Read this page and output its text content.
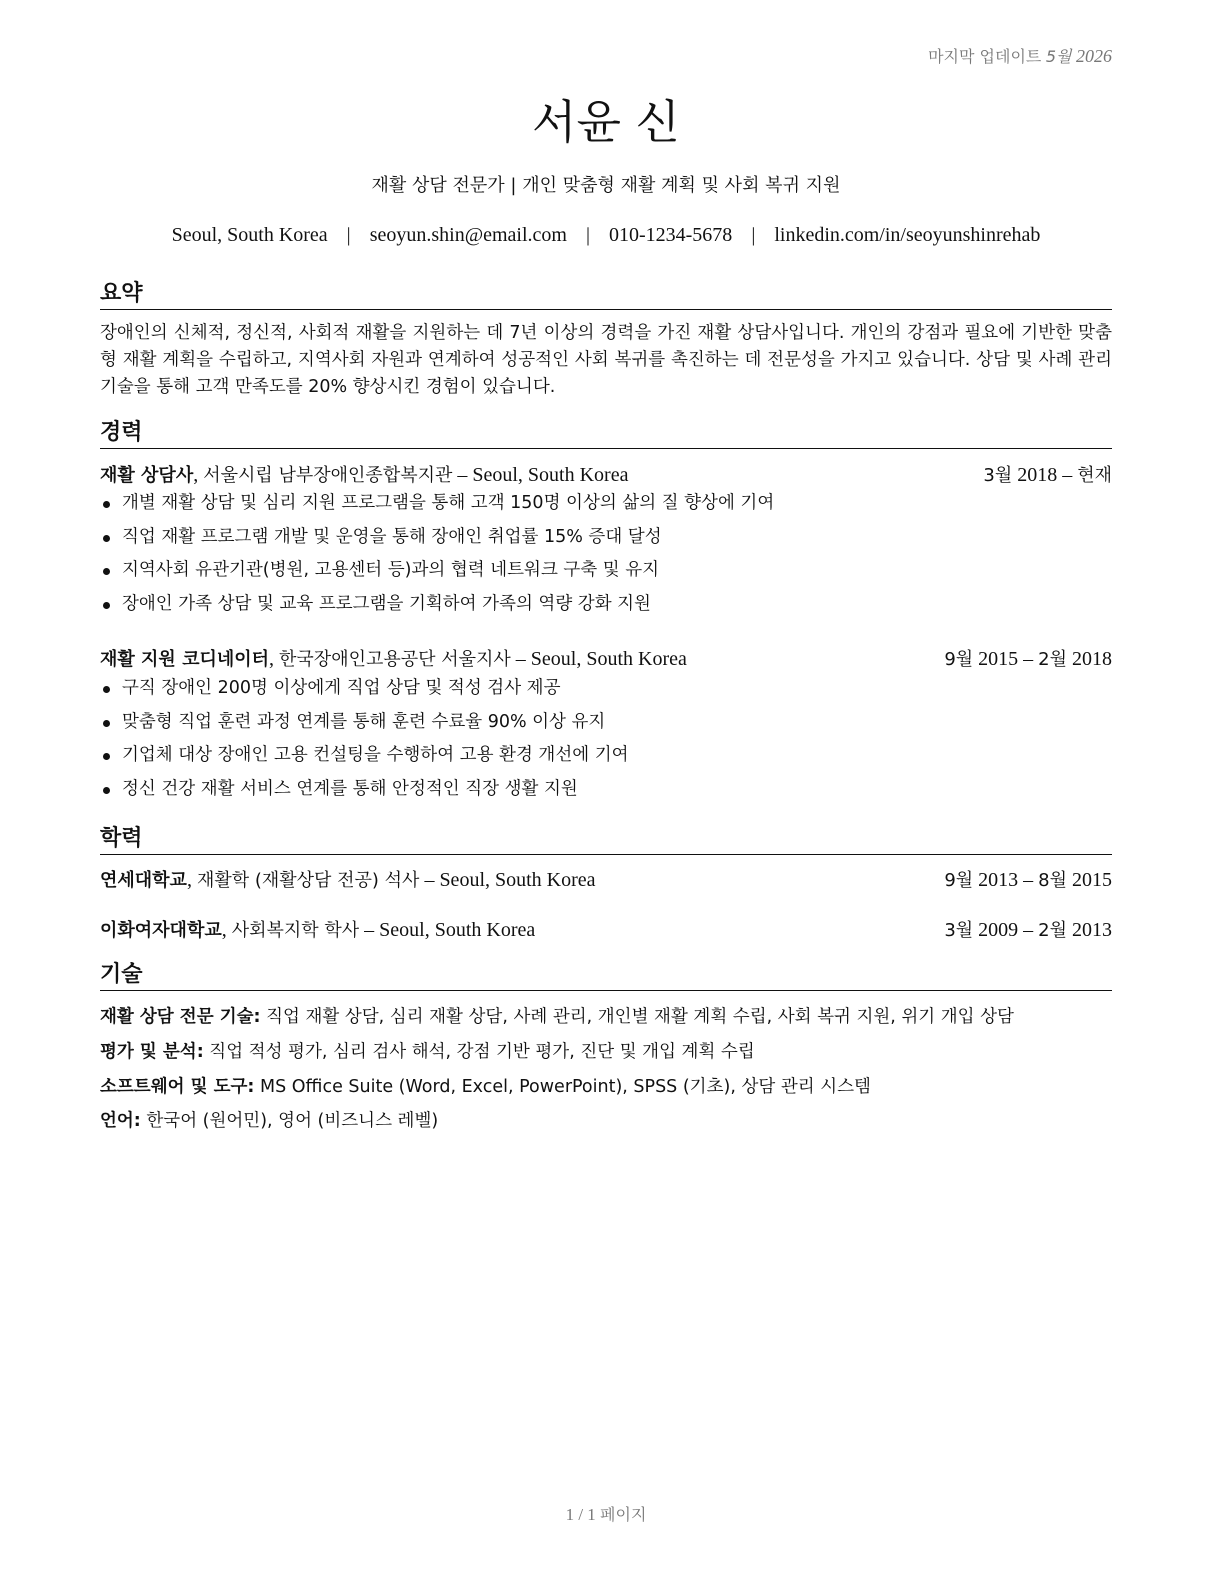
마지막 업데이트 5월 2026
서윤 신
재활 상담 전문가 | 개인 맞춤형 재활 계획 및 사회 복귀 지원
Seoul, South Korea | seoyun.shin@email.com | 010-1234-5678 | linkedin.com/in/seoyunshinrehab
요약
장애인의 신체적, 정신적, 사회적 재활을 지원하는 데 7년 이상의 경력을 가진 재활 상담사입니다. 개인의 강점과 필요에 기반한 맞춤형 재활 계획을 수립하고, 지역사회 자원과 연계하여 성공적인 사회 복귀를 촉진하는 데 전문성을 가지고 있습니다. 상담 및 사례 관리 기술을 통해 고객 만족도를 20% 향상시킨 경험이 있습니다.
경력
재활 상담사, 서울시립 남부장애인종합복지관 – Seoul, South Korea	3월 2018 – 현재
개별 재활 상담 및 심리 지원 프로그램을 통해 고객 150명 이상의 삶의 질 향상에 기여
직업 재활 프로그램 개발 및 운영을 통해 장애인 취업률 15% 증대 달성
지역사회 유관기관(병원, 고용센터 등)과의 협력 네트워크 구축 및 유지
장애인 가족 상담 및 교육 프로그램을 기획하여 가족의 역량 강화 지원
재활 지원 코디네이터, 한국장애인고용공단 서울지사 – Seoul, South Korea	9월 2015 – 2월 2018
구직 장애인 200명 이상에게 직업 상담 및 적성 검사 제공
맞춤형 직업 훈련 과정 연계를 통해 훈련 수료율 90% 이상 유지
기업체 대상 장애인 고용 컨설팅을 수행하여 고용 환경 개선에 기여
정신 건강 재활 서비스 연계를 통해 안정적인 직장 생활 지원
학력
연세대학교, 재활학 (재활상담 전공) 석사 – Seoul, South Korea	9월 2013 – 8월 2015
이화여자대학교, 사회복지학 학사 – Seoul, South Korea	3월 2009 – 2월 2013
기술
재활 상담 전문 기술: 직업 재활 상담, 심리 재활 상담, 사례 관리, 개인별 재활 계획 수립, 사회 복귀 지원, 위기 개입 상담
평가 및 분석: 직업 적성 평가, 심리 검사 해석, 강점 기반 평가, 진단 및 개입 계획 수립
소프트웨어 및 도구: MS Office Suite (Word, Excel, PowerPoint), SPSS (기초), 상담 관리 시스템
언어: 한국어 (원어민), 영어 (비즈니스 레벨)
1 / 1 페이지
